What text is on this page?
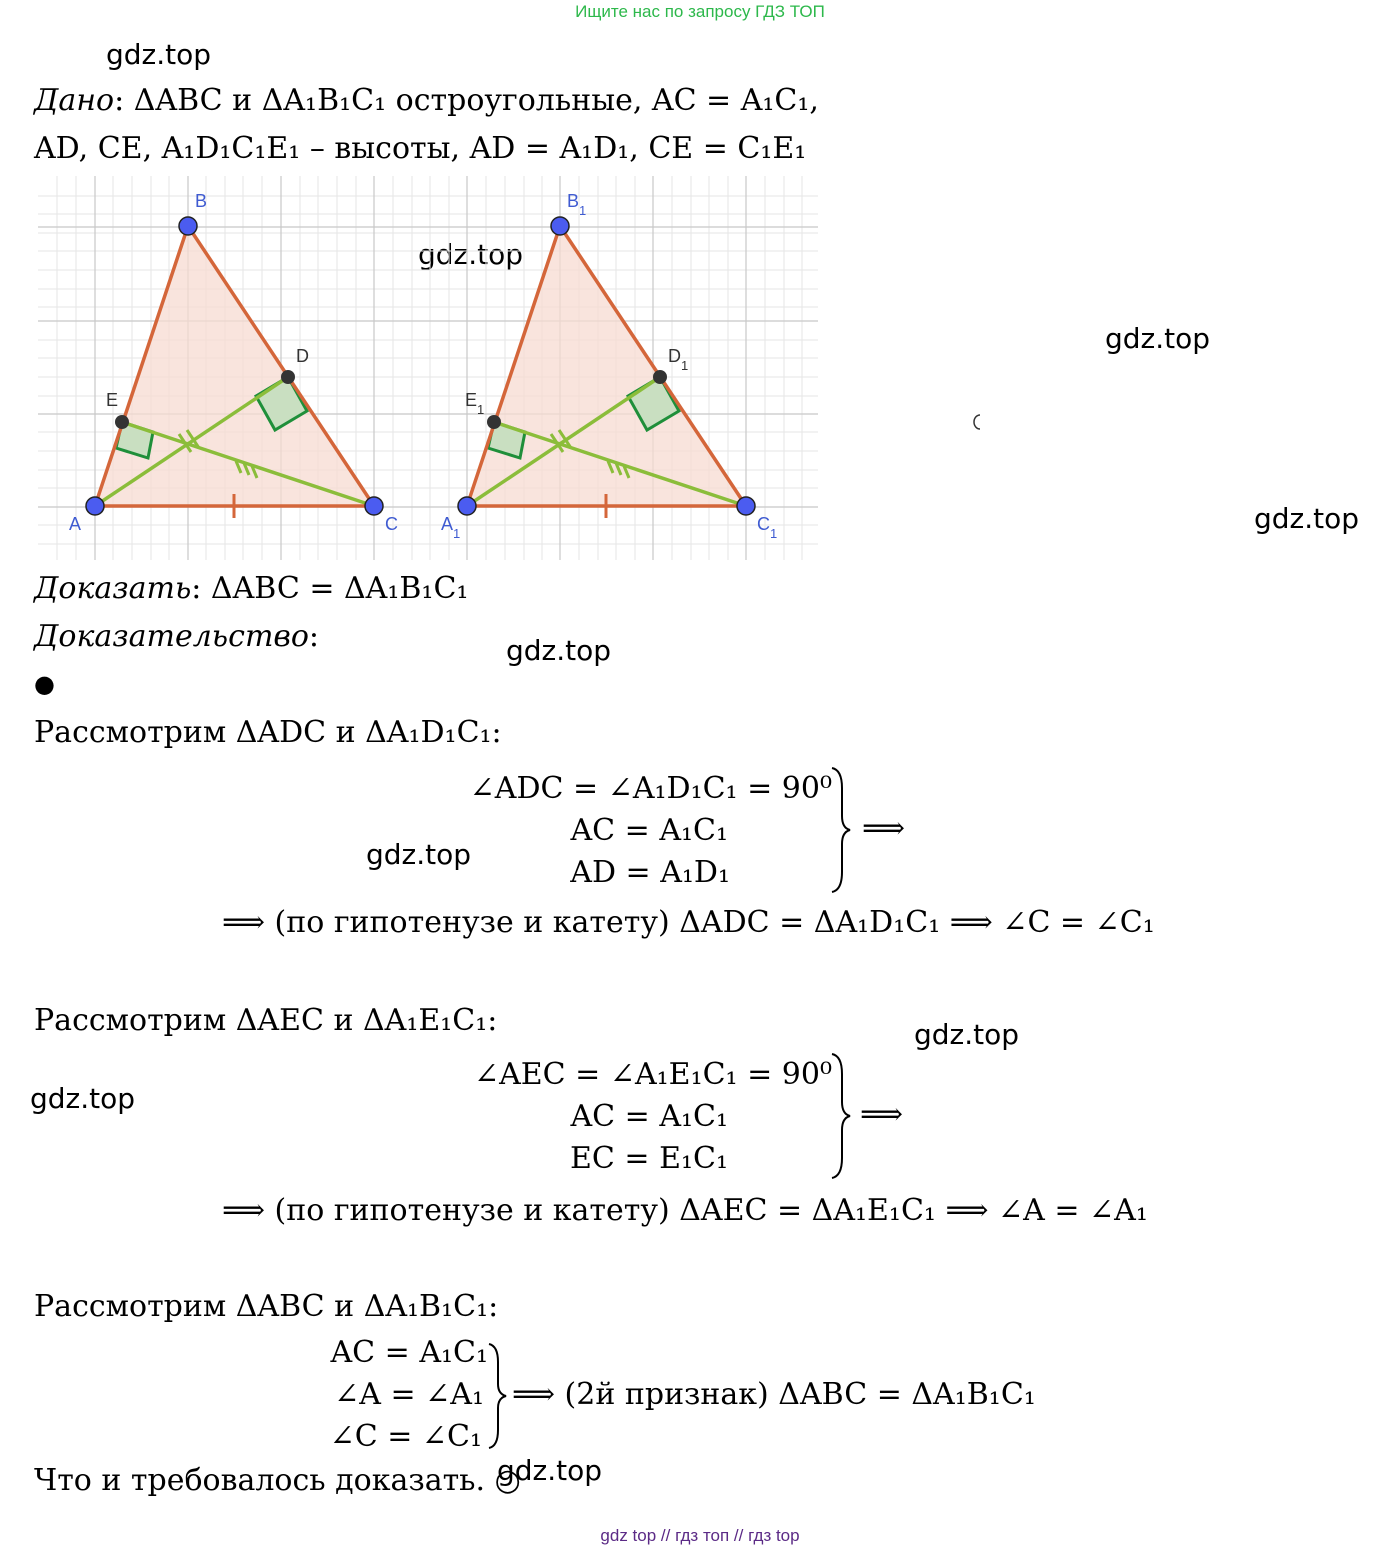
Ищите нас по запросу ГДЗ ТОП
gdz.top
gdz.top
gdz.top
gdz.top
gdz.top
gdz.top
gdz.top
gdz.top
gdz.top
Дано: ΔABC и ΔA₁B₁C₁ остроугольные, AC = A₁C₁,
AD, CE, A₁D₁C₁E₁ – высоты, AD = A₁D₁, CE = C₁E₁
A
B
C
D
E
$A_1$
$B_1$
$C_1$
$D_1$
$E_1$
Доказать: ΔABC = ΔA₁B₁C₁
Доказательство:
●
Рассмотрим ΔADC и ΔA₁D₁C₁:
∠ADC = ∠A₁D₁C₁ = 90⁰
AC = A₁C₁
AD = A₁D₁
⟹
⟹ (по гипотенузе и катету) ΔADC = ΔA₁D₁C₁ ⟹ ∠C = ∠C₁
Рассмотрим ΔAEC и ΔA₁E₁C₁:
∠AEC = ∠A₁E₁C₁ = 90⁰
AC = A₁C₁
EC = E₁C₁
⟹
⟹ (по гипотенузе и катету) ΔAEC = ΔA₁E₁C₁ ⟹ ∠A = ∠A₁
Рассмотрим ΔABC и ΔA₁B₁C₁:
AC = A₁C₁
∠A = ∠A₁
∠C = ∠C₁
⟹ (2й признак) ΔABC = ΔA₁B₁C₁
Что и требовалось доказать. ○
gdz top // гдз топ // гдз top
